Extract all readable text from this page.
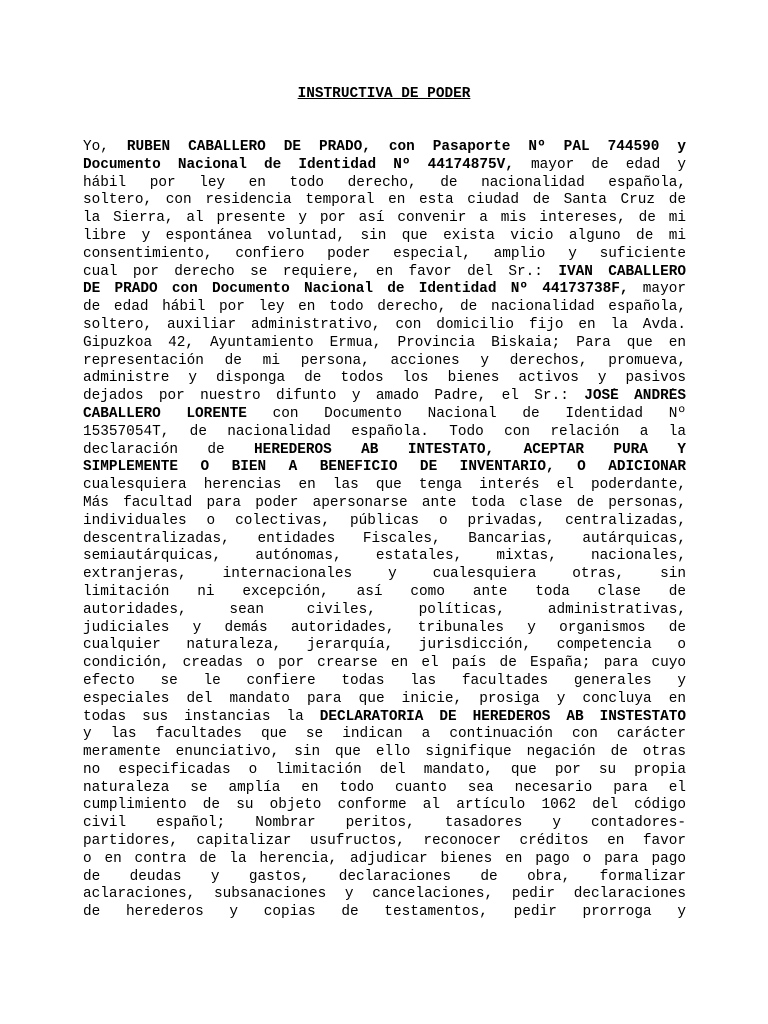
INSTRUCTIVA DE PODER
Yo, RUBEN CABALLERO DE PRADO, con Pasaporte Nº PAL 744590 y
Documento Nacional de Identidad Nº 44174875V, mayor de edad y
hábil por ley en todo derecho, de nacionalidad española,
soltero, con residencia temporal en esta ciudad de Santa Cruz de
la Sierra, al presente y por así convenir a mis intereses, de mi
libre y espontánea voluntad, sin que exista vicio alguno de mi
consentimiento, confiero poder especial, amplio y suficiente
cual por derecho se requiere, en favor del Sr.: IVAN CABALLERO
DE PRADO con Documento Nacional de Identidad Nº 44173738F, mayor
de edad hábil por ley en todo derecho, de nacionalidad española,
soltero, auxiliar administrativo, con domicilio fijo en la Avda.
Gipuzkoa 42, Ayuntamiento Ermua, Provincia Biskaia; Para que en
representación de mi persona, acciones y derechos, promueva,
administre y disponga de todos los bienes activos y pasivos
dejados por nuestro difunto y amado Padre, el Sr.: JOSÉ ANDRÉS
CABALLERO LORENTE con Documento Nacional de Identidad Nº
15357054T, de nacionalidad española. Todo con relación a la
declaración de HEREDEROS AB INTESTATO, ACEPTAR PURA Y
SIMPLEMENTE O BIEN A BENEFICIO DE INVENTARIO, O ADICIONAR
cualesquiera herencias en las que tenga interés el poderdante,
Más facultad para poder apersonarse ante toda clase de personas,
individuales o colectivas, públicas o privadas, centralizadas,
descentralizadas, entidades Fiscales, Bancarias, autárquicas,
semiautárquicas, autónomas, estatales, mixtas, nacionales,
extranjeras, internacionales y cualesquiera otras, sin
limitación ni excepción, así como ante toda clase de
autoridades, sean civiles, políticas, administrativas,
judiciales y demás autoridades, tribunales y organismos de
cualquier naturaleza, jerarquía, jurisdicción, competencia o
condición, creadas o por crearse en el país de España; para cuyo
efecto se le confiere todas las facultades generales y
especiales del mandato para que inicie, prosiga y concluya en
todas sus instancias la DECLARATORIA DE HEREDEROS AB INSTESTATO
y las facultades que se indican a continuación con carácter
meramente enunciativo, sin que ello signifique negación de otras
no especificadas o limitación del mandato, que por su propia
naturaleza se amplía en todo cuanto sea necesario para el
cumplimiento de su objeto conforme al artículo 1062 del código
civil español; Nombrar peritos, tasadores y contadores-
partidores, capitalizar usufructos, reconocer créditos en favor
o en contra de la herencia, adjudicar bienes en pago o para pago
de deudas y gastos, declaraciones de obra, formalizar
aclaraciones, subsanaciones y cancelaciones, pedir declaraciones
de herederos y copias de testamentos, pedir prorroga y
